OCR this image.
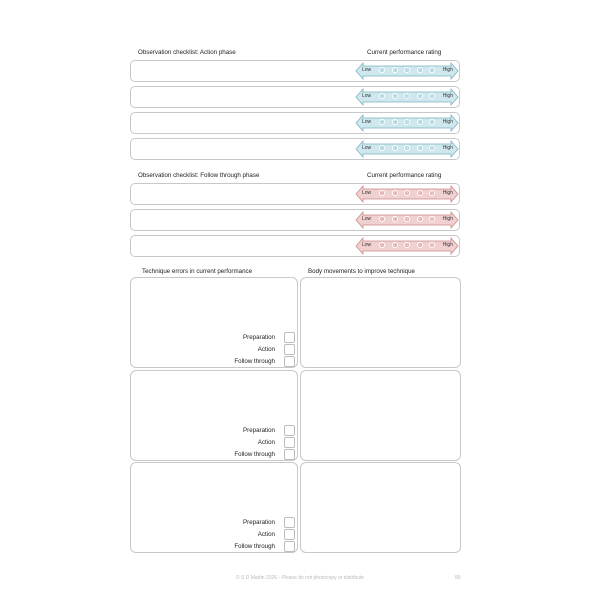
Observation checklist: Action phase	Current performance rating
Low	1	2	3	4	5	High
Low	1	2	3	4	5	High
Low	1	2	3	4	5	High
Low	1	2	3	4	5	High
Observation checklist: Follow through phase	Current performance rating
Low	1	2	3	4	5	High
Low	1	2	3	4	5	High
Low	1	2	3	4	5	High
Technique errors in current performance	Body movements to improve technique
Preparation
Action
Follow through
Preparation
Action
Follow through
Preparation
Action
Follow through
© S D Martin 2026 - Please do not photocopy or distribute	89
